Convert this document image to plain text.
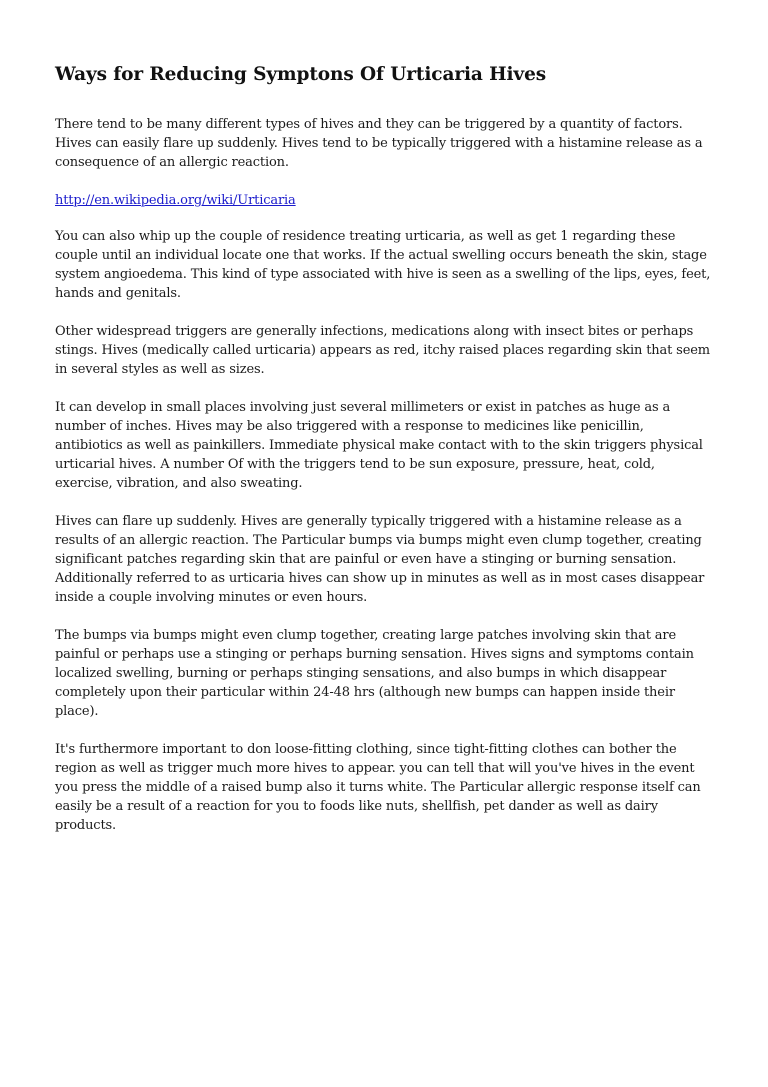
Ways for Reducing Symptons Of Urticaria Hives

There tend to be many different types of hives and they can be triggered by a quantity of factors. Hives can easily flare up suddenly. Hives tend to be typically triggered with a histamine release as a consequence of an allergic reaction.

http://en.wikipedia.org/wiki/Urticaria

You can also whip up the couple of residence treating urticaria, as well as get 1 regarding these couple until an individual locate one that works. If the actual swelling occurs beneath the skin, stage system angioedema. This kind of type associated with hive is seen as a swelling of the lips, eyes, feet, hands and genitals.

Other widespread triggers are generally infections, medications along with insect bites or perhaps stings. Hives (medically called urticaria) appears as red, itchy raised places regarding skin that seem in several styles as well as sizes.

It can develop in small places involving just several millimeters or exist in patches as huge as a number of inches. Hives may be also triggered with a response to medicines like penicillin, antibiotics as well as painkillers. Immediate physical make contact with to the skin triggers physical urticarial hives. A number Of with the triggers tend to be sun exposure, pressure, heat, cold, exercise, vibration, and also sweating.

Hives can flare up suddenly. Hives are generally typically triggered with a histamine release as a results of an allergic reaction. The Particular bumps via bumps might even clump together, creating significant patches regarding skin that are painful or even have a stinging or burning sensation. Additionally referred to as urticaria hives can show up in minutes as well as in most cases disappear inside a couple involving minutes or even hours.

The bumps via bumps might even clump together, creating large patches involving skin that are painful or perhaps use a stinging or perhaps burning sensation. Hives signs and symptoms contain localized swelling, burning or perhaps stinging sensations, and also bumps in which disappear completely upon their particular within 24-48 hrs (although new bumps can happen inside their place).

It's furthermore important to don loose-fitting clothing, since tight-fitting clothes can bother the region as well as trigger much more hives to appear. you can tell that will you've hives in the event you press the middle of a raised bump also it turns white. The Particular allergic response itself can easily be a result of a reaction for you to foods like nuts, shellfish, pet dander as well as dairy products.
